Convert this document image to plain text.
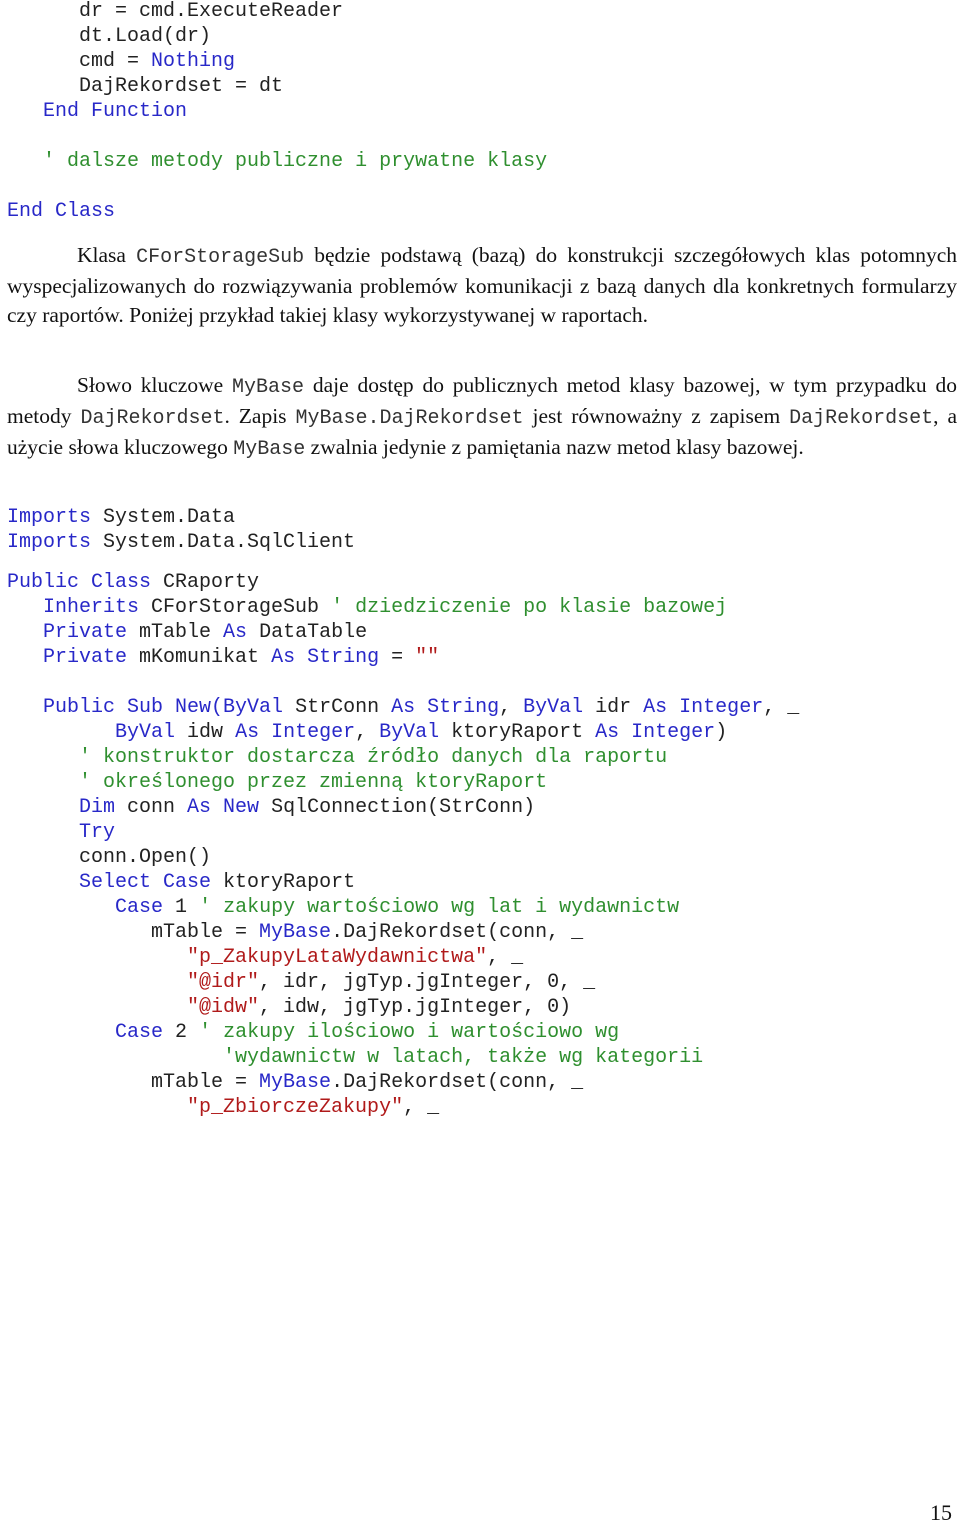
dr = cmd.ExecuteReader
dt.Load(dr)
cmd = Nothing
DajRekordset = dt
End Function
' dalsze metody publiczne i prywatne klasy
End Class
Klasa CForStorageSub będzie podstawą (bazą) do konstrukcji szczegółowych klas potomnych wyspecjalizowanych do rozwiązywania problemów komunikacji z bazą danych dla konkretnych formularzy czy raportów. Poniżej przykład takiej klasy wykorzystywanej w raportach.
Słowo kluczowe MyBase daje dostęp do publicznych metod klasy bazowej, w tym przypadku do metody DajRekordset. Zapis MyBase.DajRekordset jest równoważny z zapisem DajRekordset, a użycie słowa kluczowego MyBase zwalnia jedynie z pamiętania nazw metod klasy bazowej.
Imports System.Data
Imports System.Data.SqlClient
Public Class CRaporty
Inherits CForStorageSub ' dziedziczenie po klasie bazowej
Private mTable As DataTable
Private mKomunikat As String = ""
Public Sub New(ByVal StrConn As String, ByVal idr As Integer, _
ByVal idw As Integer, ByVal ktoryRaport As Integer)
' konstruktor dostarcza źródło danych dla raportu
' określonego przez zmienną ktoryRaport
Dim conn As New SqlConnection(StrConn)
Try
conn.Open()
Select Case ktoryRaport
Case 1 ' zakupy wartościowo wg lat i wydawnictw
mTable = MyBase.DajRekordset(conn, _
"p_ZakupyLataWydawnictwa", _
"@idr", idr, jgTyp.jgInteger, 0, _
"@idw", idw, jgTyp.jgInteger, 0)
Case 2 ' zakupy ilościowo i wartościowo wg
'wydawnictw w latach, także wg kategorii
mTable = MyBase.DajRekordset(conn, _
"p_ZbiorczeZakupy", _
15
